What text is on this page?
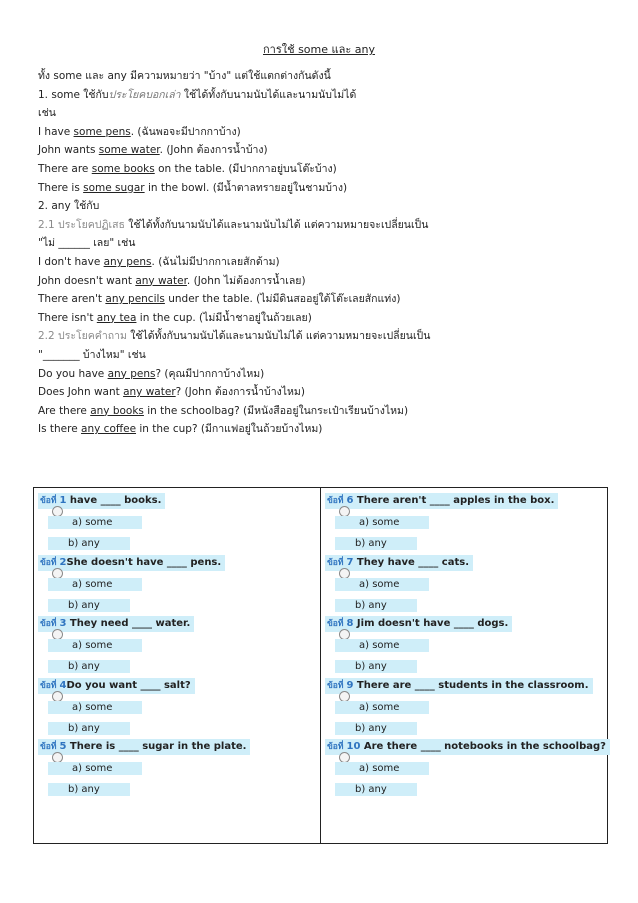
การใช้ some และ any
ทั้ง some และ any มีความหมายว่า "บ้าง" แต่ใช้แตกต่างกันดังนี้
1. some ใช้กับประโยคบอกเล่า ใช้ได้ทั้งกับนามนับได้และนามนับไม่ได้
เช่น
I have some pens. (ฉันพอจะมีปากกาบ้าง)
John wants some water. (John ต้องการน้ำบ้าง)
There are some books on the table. (มีปากกาอยู่บนโต๊ะบ้าง)
There is some sugar in the bowl. (มีน้ำตาลทรายอยู่ในชามบ้าง)
2. any ใช้กับ
2.1 ประโยคปฏิเสธ ใช้ได้ทั้งกับนามนับได้และนามนับไม่ได้ แต่ความหมายจะเปลี่ยนเป็น
"ไม่ ______ เลย" เช่น
I don't have any pens. (ฉันไม่มีปากกาเลยสักด้าม)
John doesn't want any water. (John ไม่ต้องการน้ำเลย)
There aren't any pencils under the table. (ไม่มีดินสออยู่ใต้โต๊ะเลยสักแท่ง)
There isn't any tea in the cup. (ไม่มีน้ำชาอยู่ในถ้วยเลย)
2.2 ประโยคคำถาม ใช้ได้ทั้งกับนามนับได้และนามนับไม่ได้ แต่ความหมายจะเปลี่ยนเป็น
"_______ บ้างไหม" เช่น
Do you have any pens? (คุณมีปากกาบ้างไหม)
Does John want any water? (John ต้องการน้ำบ้างไหม)
Are there any books in the schoolbag? (มีหนังสืออยู่ในกระเป๋าเรียนบ้างไหม)
Is there any coffee in the cup? (มีกาแฟอยู่ในถ้วยบ้างไหม)
ข้อที่ 1 have ____ books.
a) some
b) any
ข้อที่ 2She doesn't have ____ pens.
a) some
b) any
ข้อที่ 3 They need ____ water.
a) some
b) any
ข้อที่ 4Do you want ____ salt?
a) some
b) any
ข้อที่ 5 There is ____ sugar in the plate.
a) some
b) any
ข้อที่ 6 There aren't ____ apples in the box.
a) some
b) any
ข้อที่ 7 They have ____ cats.
a) some
b) any
ข้อที่ 8 Jim doesn't have ____ dogs.
a) some
b) any
ข้อที่ 9 There are ____ students in the classroom.
a) some
b) any
ข้อที่ 10 Are there ____ notebooks in the schoolbag?
a) some
b) any
